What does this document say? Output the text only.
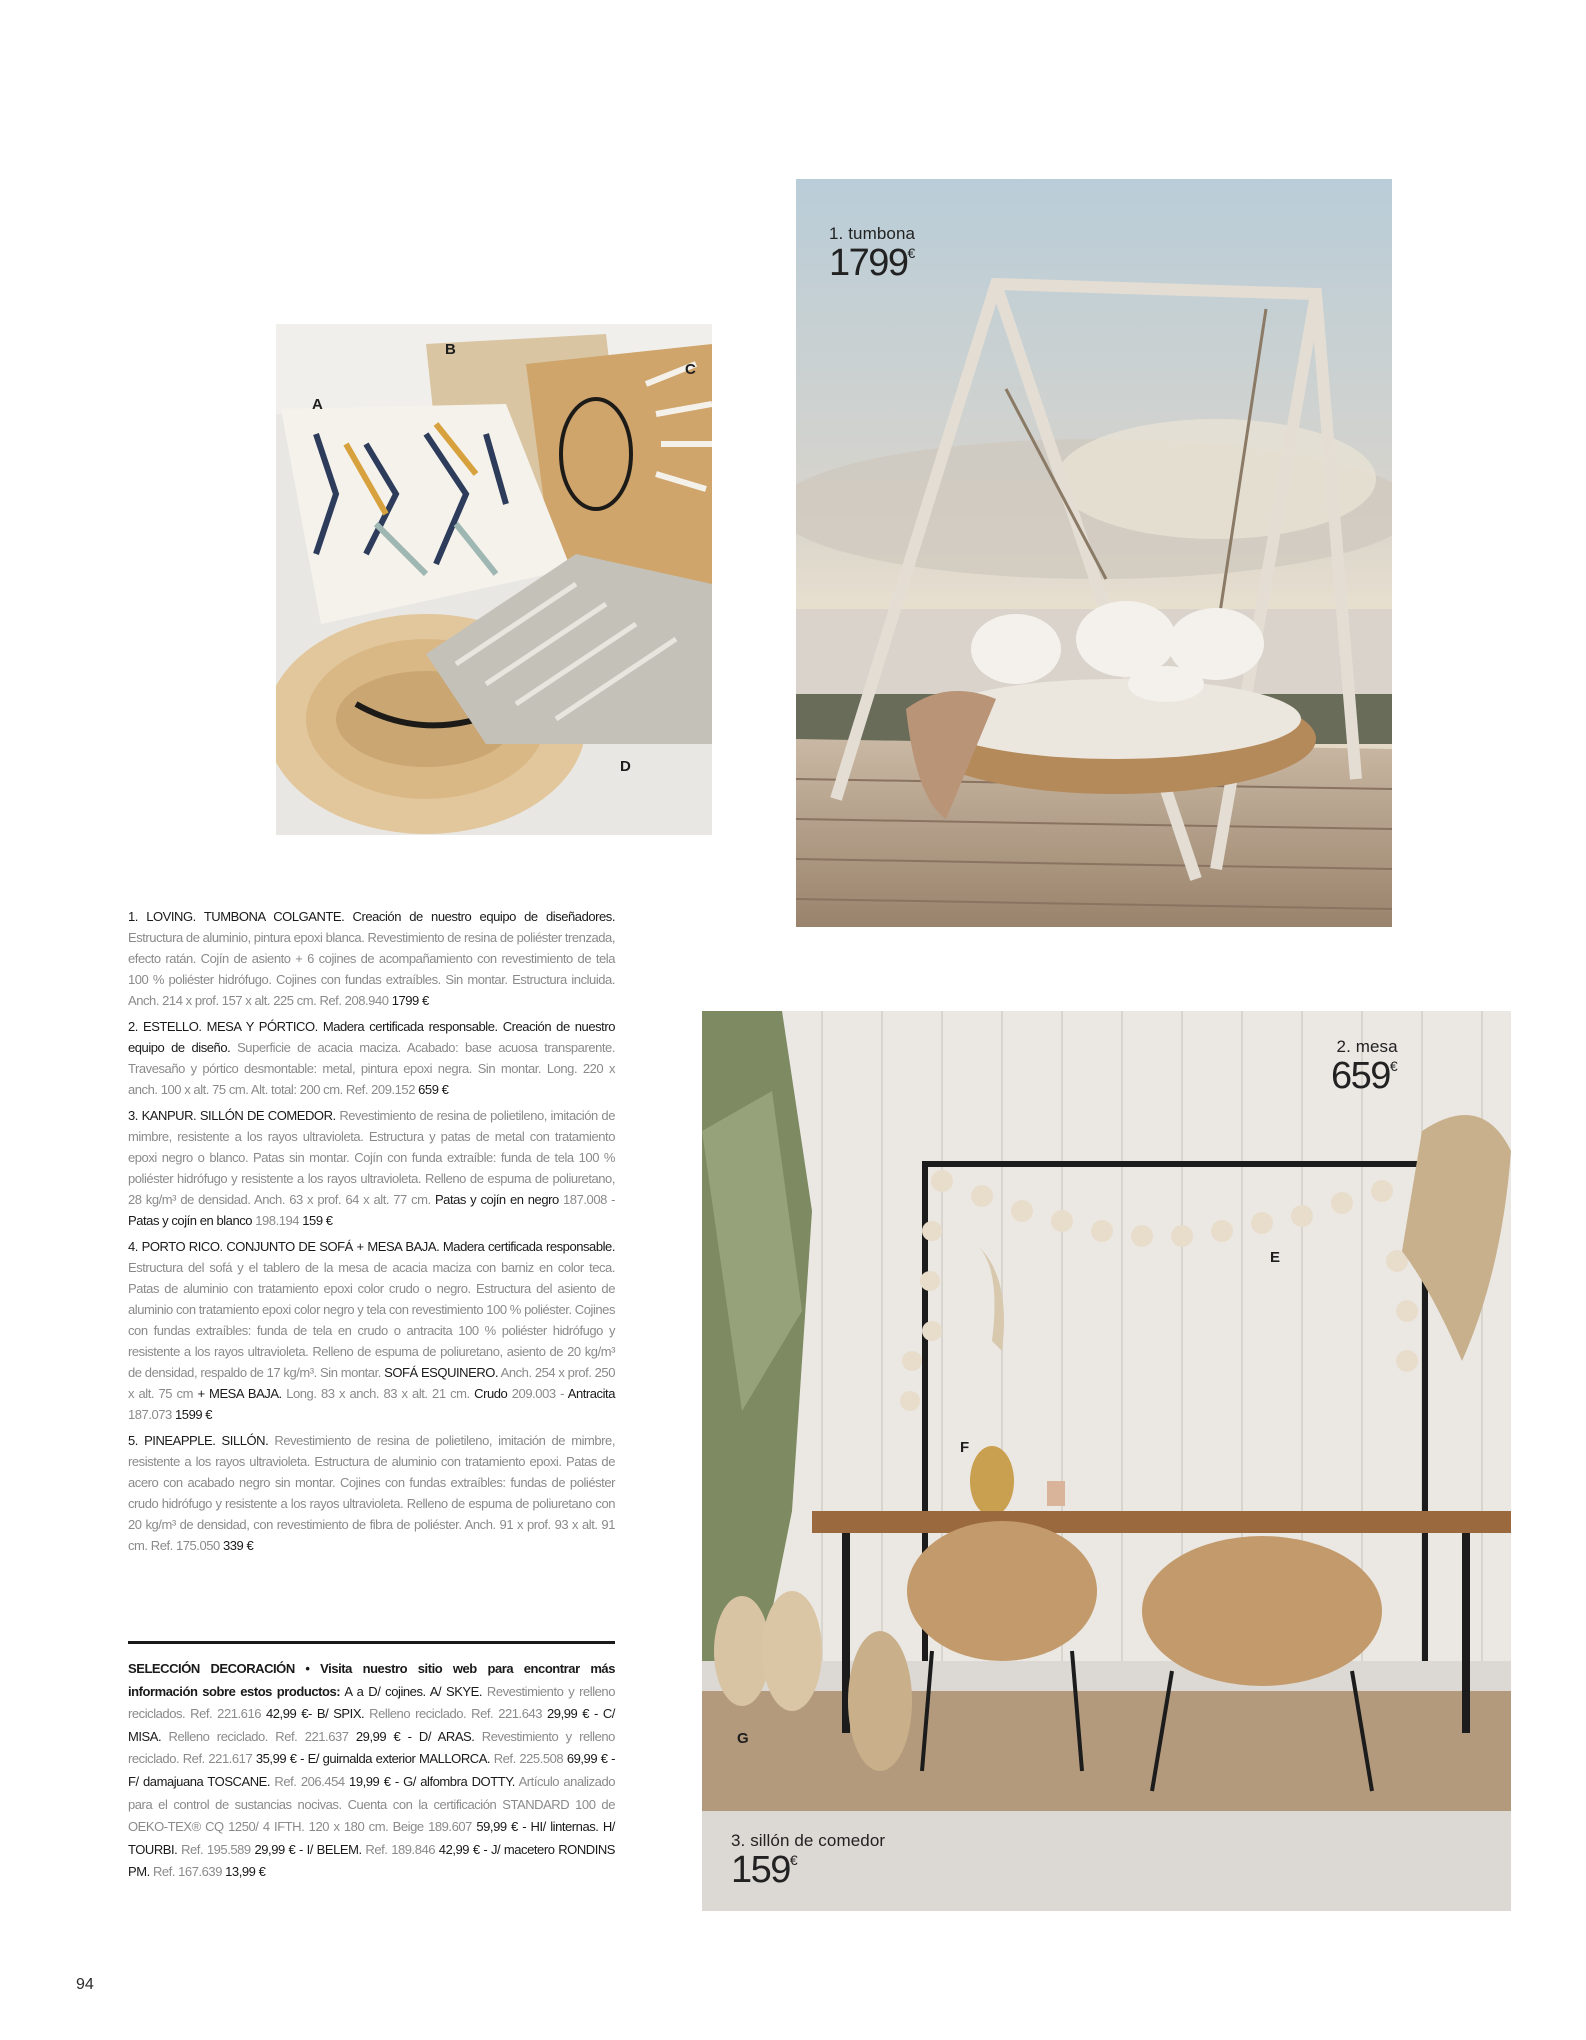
A
B
C
D
1. tumbona
1799€
2. mesa
659€
3. sillón de comedor
159€
E
F
G

1. LOVING. TUMBONA COLGANTE. Creación de nuestro equipo de diseñadores. Estructura de aluminio, pintura epoxi blanca. Revestimiento de resina de poliéster trenzada, efecto ratán. Cojín de asiento + 6 cojines de acompañamiento con revestimiento de tela 100 % poliéster hidrófugo. Cojines con fundas extraíbles. Sin montar. Estructura incluida. Anch. 214 x prof. 157 x alt. 225 cm. Ref. 208.940 1799 €

2. ESTELLO. MESA Y PÓRTICO. Madera certificada responsable. Creación de nuestro equipo de diseño. Superficie de acacia maciza. Acabado: base acuosa transparente. Travesaño y pórtico desmontable: metal, pintura epoxi negra. Sin montar. Long. 220 x anch. 100 x alt. 75 cm. Alt. total: 200 cm. Ref. 209.152 659 €

3. KANPUR. SILLÓN DE COMEDOR. Revestimiento de resina de polietileno, imitación de mimbre, resistente a los rayos ultravioleta. Estructura y patas de metal con tratamiento epoxi negro o blanco. Patas sin montar. Cojín con funda extraíble: funda de tela 100 % poliéster hidrófugo y resistente a los rayos ultravioleta. Relleno de espuma de poliuretano, 28 kg/m³ de densidad. Anch. 63 x prof. 64 x alt. 77 cm. Patas y cojín en negro 187.008 - Patas y cojín en blanco 198.194 159 €

4. PORTO RICO. CONJUNTO DE SOFÁ + MESA BAJA. Madera certificada responsable. Estructura del sofá y el tablero de la mesa de acacia maciza con barniz en color teca. Patas de aluminio con tratamiento epoxi color crudo o negro. Estructura del asiento de aluminio con tratamiento epoxi color negro y tela con revestimiento 100 % poliéster. Cojines con fundas extraíbles: funda de tela en crudo o antracita 100 % poliéster hidrófugo y resistente a los rayos ultravioleta. Relleno de espuma de poliuretano, asiento de 20 kg/m³ de densidad, respaldo de 17 kg/m³. Sin montar. SOFÁ ESQUINERO. Anch. 254 x prof. 250 x alt. 75 cm + MESA BAJA. Long. 83 x anch. 83 x alt. 21 cm. Crudo 209.003 - Antracita 187.073 1599 €

5. PINEAPPLE. SILLÓN. Revestimiento de resina de polietileno, imitación de mimbre, resistente a los rayos ultravioleta. Estructura de aluminio con tratamiento epoxi. Patas de acero con acabado negro sin montar. Cojines con fundas extraíbles: fundas de poliéster crudo hidrófugo y resistente a los rayos ultravioleta. Relleno de espuma de poliuretano con 20 kg/m³ de densidad, con revestimiento de fibra de poliéster. Anch. 91 x prof. 93 x alt. 91 cm. Ref. 175.050 339 €

SELECCIÓN DECORACIÓN • Visita nuestro sitio web para encontrar más información sobre estos productos: A a D/ cojines. A/ SKYE. Revestimiento y relleno reciclados. Ref. 221.616 42,99 €- B/ SPIX. Relleno reciclado. Ref. 221.643 29,99 € - C/ MISA. Relleno reciclado. Ref. 221.637 29,99 € - D/ ARAS. Revestimiento y relleno reciclado. Ref. 221.617 35,99 € - E/ guirnalda exterior MALLORCA. Ref. 225.508 69,99 € - F/ damajuana TOSCANE. Ref. 206.454 19,99 € - G/ alfombra DOTTY. Artículo analizado para el control de sustancias nocivas. Cuenta con la certificación STANDARD 100 de OEKO-TEX® CQ 1250/ 4 IFTH. 120 x 180 cm. Beige 189.607 59,99 € - HI/ linternas. H/ TOURBI. Ref. 195.589 29,99 € - I/ BELEM. Ref. 189.846 42,99 € - J/ macetero RONDINS PM. Ref. 167.639 13,99 €
94
